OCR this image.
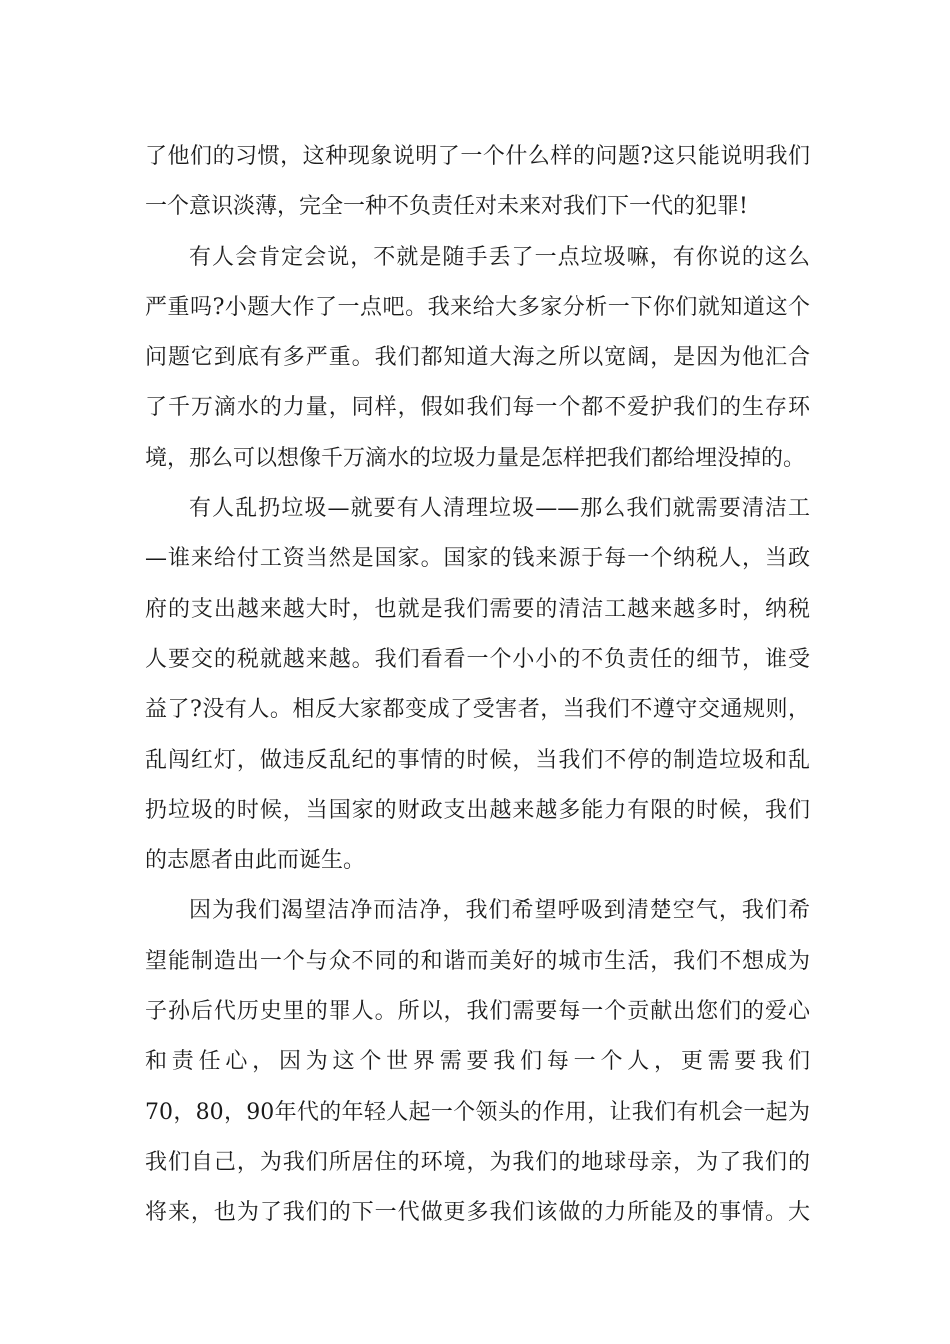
了他们的习惯，这种现象说明了一个什么样的问题?这只能说明我们
一个意识淡薄，完全一种不负责任对未来对我们下一代的犯罪!
有人会肯定会说，不就是随手丢了一点垃圾嘛，有你说的这么
严重吗?小题大作了一点吧。我来给大多家分析一下你们就知道这个
问题它到底有多严重。我们都知道大海之所以宽阔，是因为他汇合
了千万滴水的力量，同样，假如我们每一个都不爱护我们的生存环
境，那么可以想像千万滴水的垃圾力量是怎样把我们都给埋没掉的。
有人乱扔垃圾—就要有人清理垃圾——那么我们就需要清洁工
—谁来给付工资当然是国家。国家的钱来源于每一个纳税人，当政
府的支出越来越大时，也就是我们需要的清洁工越来越多时，纳税
人要交的税就越来越。我们看看一个小小的不负责任的细节，谁受
益了?没有人。相反大家都变成了受害者，当我们不遵守交通规则，
乱闯红灯，做违反乱纪的事情的时候，当我们不停的制造垃圾和乱
扔垃圾的时候，当国家的财政支出越来越多能力有限的时候，我们
的志愿者由此而诞生。
因为我们渴望洁净而洁净，我们希望呼吸到清楚空气，我们希
望能制造出一个与众不同的和谐而美好的城市生活，我们不想成为
子孙后代历史里的罪人。所以，我们需要每一个贡献出您们的爱心
和责任心，因为这个世界需要我们每一个人，更需要我们
70，80，90年代的年轻人起一个领头的作用，让我们有机会一起为
我们自己，为我们所居住的环境，为我们的地球母亲，为了我们的
将来，也为了我们的下一代做更多我们该做的力所能及的事情。大
